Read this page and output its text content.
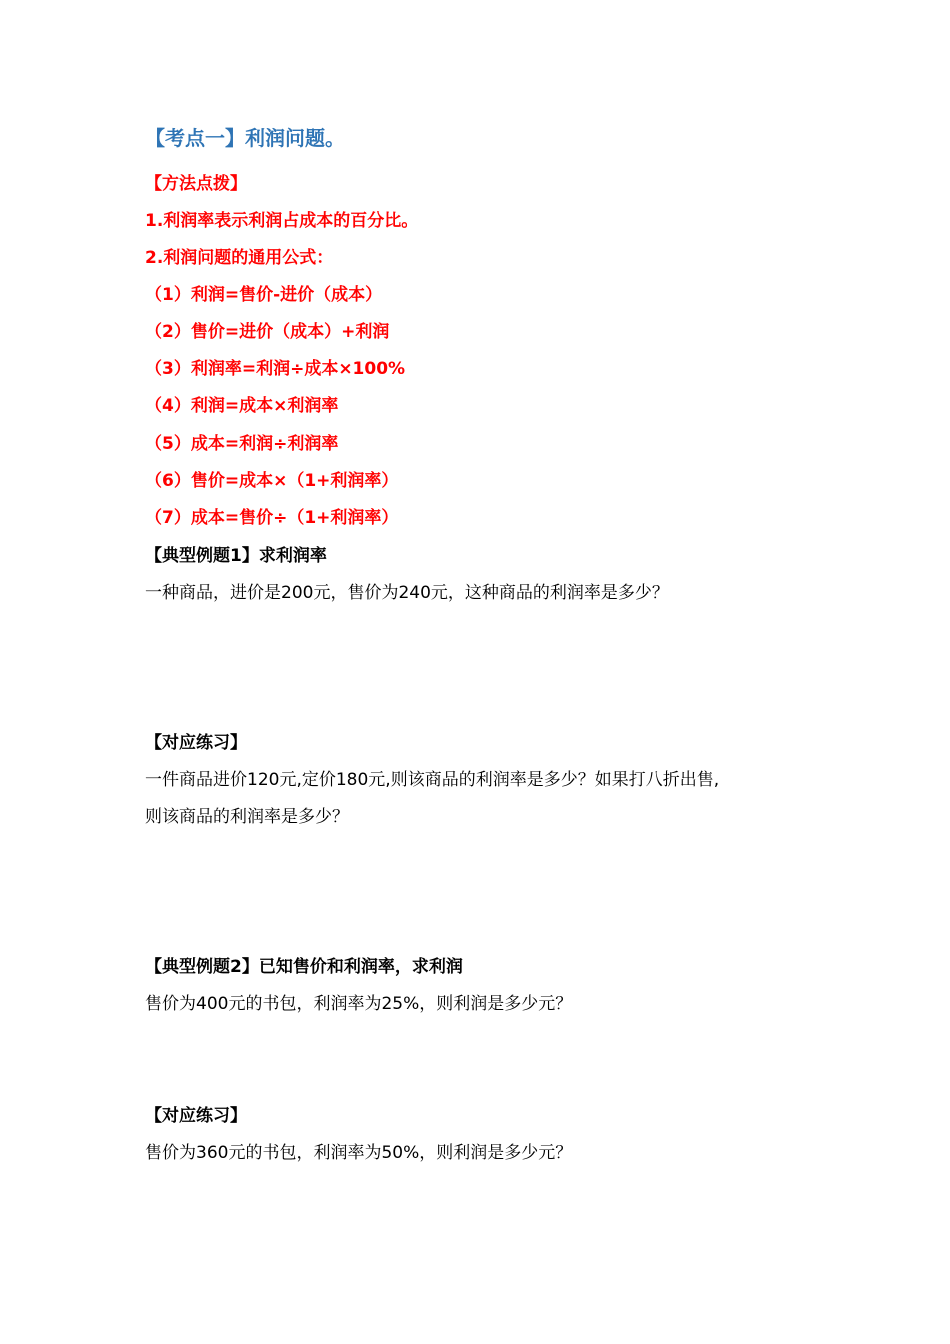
【考点一】利润问题。
【方法点拨】
1.利润率表示利润占成本的百分比。
2.利润问题的通用公式：
（1）利润=售价-进价（成本）
（2）售价=进价（成本）+利润
（3）利润率=利润÷成本×100%
（4）利润=成本×利润率
（5）成本=利润÷利润率
（6）售价=成本×（1+利润率）
（7）成本=售价÷（1+利润率）
【典型例题1】求利润率
一种商品，进价是200元，售价为240元，这种商品的利润率是多少？
【对应练习】
一件商品进价120元,定价180元,则该商品的利润率是多少？如果打八折出售,
则该商品的利润率是多少？
【典型例题2】已知售价和利润率，求利润
售价为400元的书包，利润率为25%，则利润是多少元？
【对应练习】
售价为360元的书包，利润率为50%，则利润是多少元？
